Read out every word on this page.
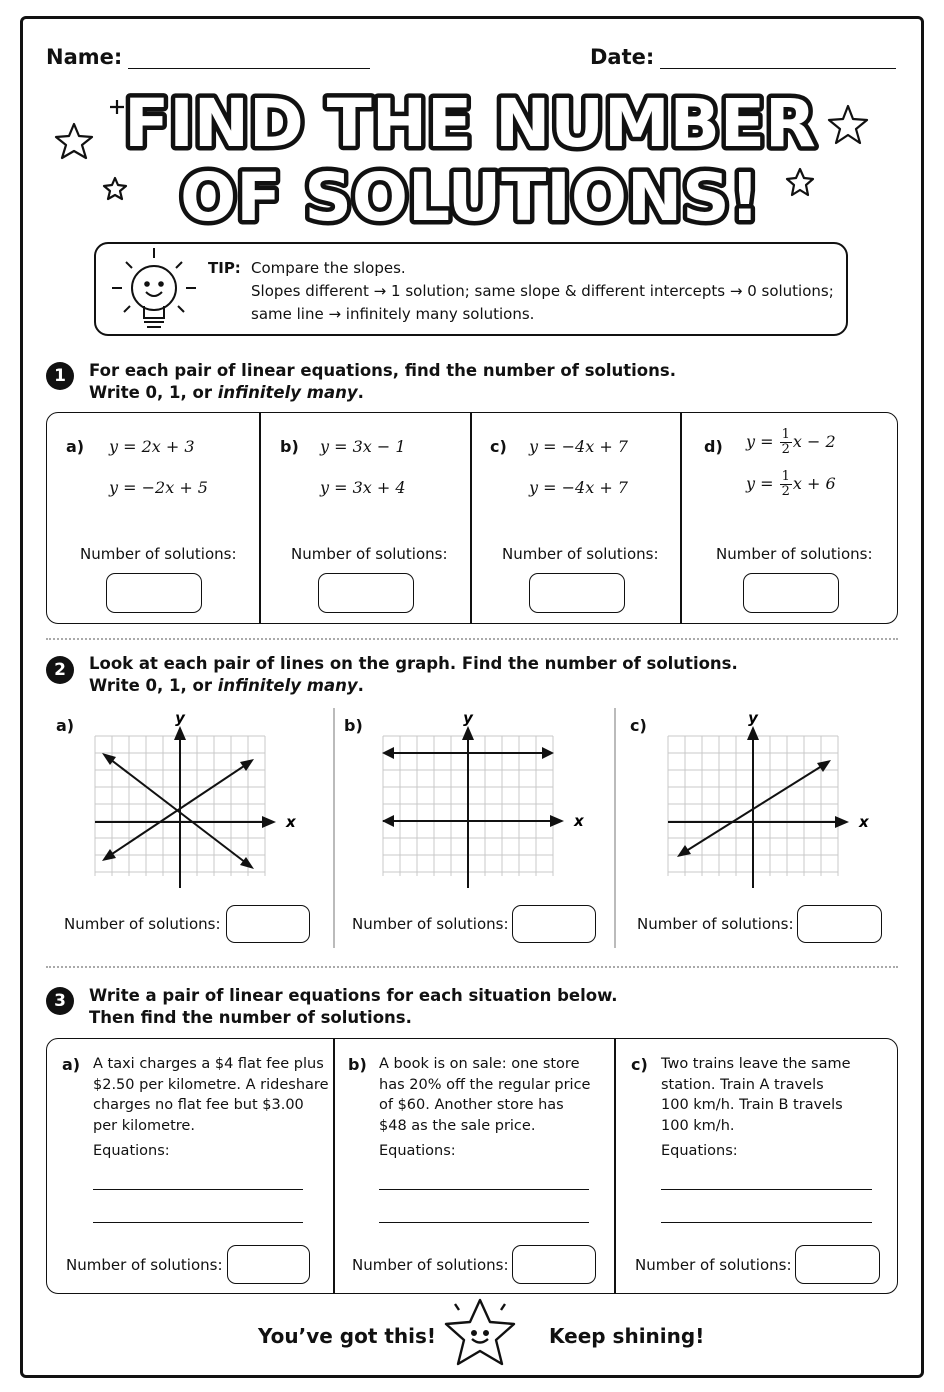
Name:	Date:
FIND THE NUMBER
OF SOLUTIONS!
TIP: Compare the slopes.
Slopes different → 1 solution; same slope & different intercepts → 0 solutions;
same line → infinitely many solutions.
1	For each pair of linear equations, find the number of solutions.
Write 0, 1, or infinitely many.
a) y = 2x + 3
y = −2x + 5
Number of solutions:
b) y = 3x − 1
y = 3x + 4
Number of solutions:
c) y = −4x + 7
y = −4x + 7
Number of solutions:
d) $y = \frac{1}{2}$ x − 2
$y = \frac{1}{2}$ x + 6
Number of solutions:
2	Look at each pair of lines on the graph. Find the number of solutions.
Write 0, 1, or infinitely many.
a)	b)	c)
y
x
y
x
y
x
Number of solutions:	Number of solutions:	Number of solutions:
3	Write a pair of linear equations for each situation below.
Then find the number of solutions.
a) A taxi charges a $4 flat fee plus
$2.50 per kilometre. A rideshare
charges no flat fee but $3.00
per kilometre.
Equations:
Number of solutions:
b) A book is on sale: one store
has 20% off the regular price
of $60. Another store has
$48 as the sale price.
Equations:
Number of solutions:
c) Two trains leave the same
station. Train A travels
100 km/h. Train B travels
100 km/h.
Equations:
Number of solutions:
You’ve got this!	Keep shining!
